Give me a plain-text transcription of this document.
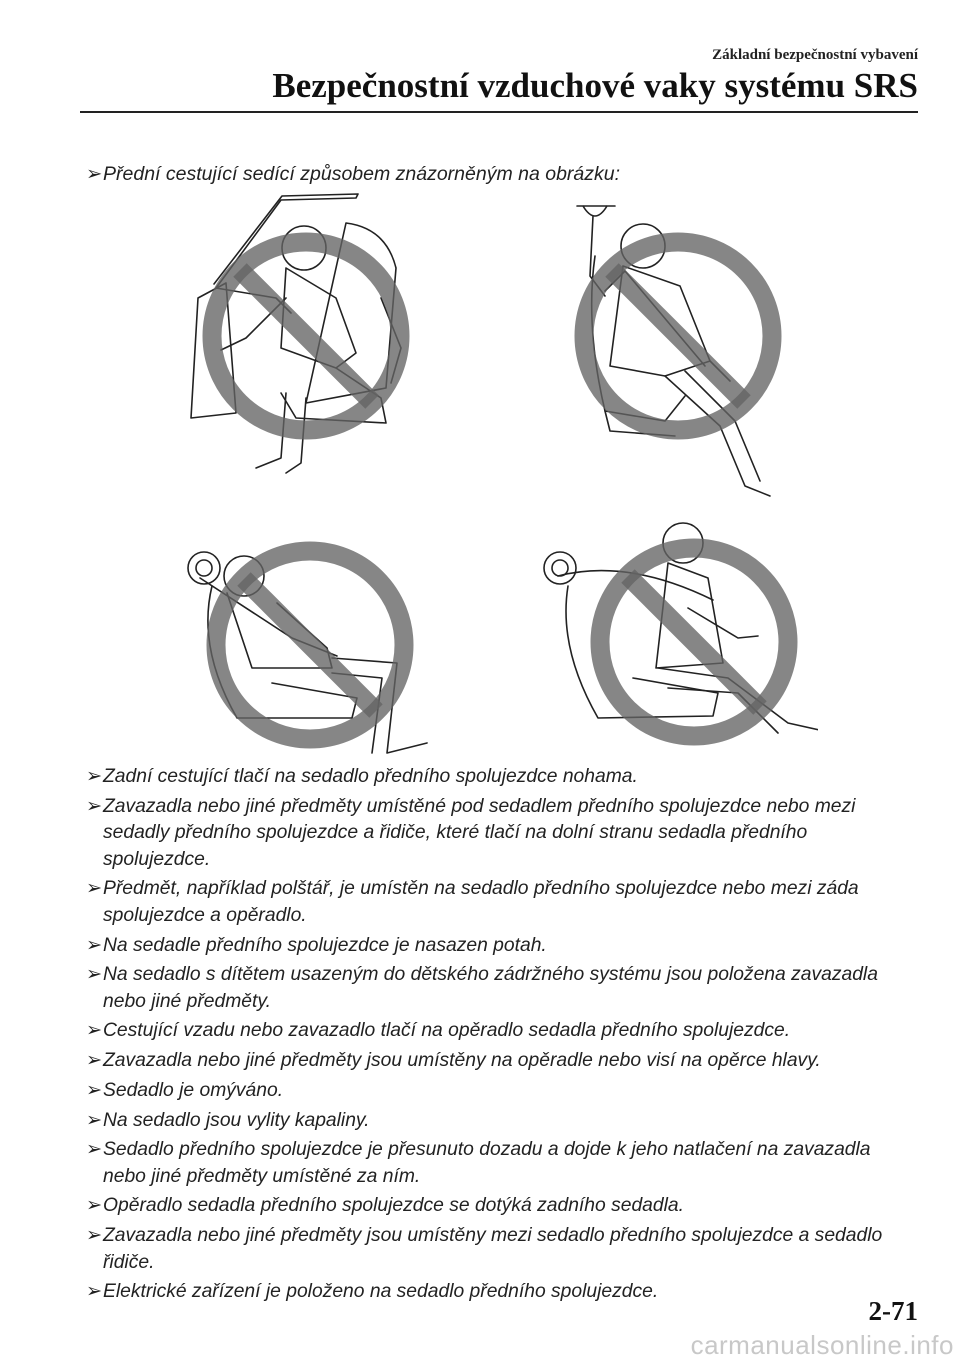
Základní bezpečnostní vybavení
Bezpečnostní vzduchové vaky systému SRS
➢Přední cestující sedící způsobem znázorněným na obrázku:
➢ Zadní cestující tlačí na sedadlo předního spolujezdce nohama.
➢ Zavazadla nebo jiné předměty umístěné pod sedadlem předního spolujezdce nebo mezi sedadly předního spolujezdce a řidiče, které tlačí na dolní stranu sedadla předního spolujezdce.
➢ Předmět, například polštář, je umístěn na sedadlo předního spolujezdce nebo mezi záda spolujezdce a opěradlo.
➢ Na sedadle předního spolujezdce je nasazen potah.
➢ Na sedadlo s dítětem usazeným do dětského zádržného systému jsou položena zavazadla nebo jiné předměty.
➢ Cestující vzadu nebo zavazadlo tlačí na opěradlo sedadla předního spolujezdce.
➢ Zavazadla nebo jiné předměty jsou umístěny na opěradle nebo visí na opěrce hlavy.
➢ Sedadlo je omýváno.
➢ Na sedadlo jsou vylity kapaliny.
➢ Sedadlo předního spolujezdce je přesunuto dozadu a dojde k jeho natlačení na zavazadla nebo jiné předměty umístěné za ním.
➢ Opěradlo sedadla předního spolujezdce se dotýká zadního sedadla.
➢ Zavazadla nebo jiné předměty jsou umístěny mezi sedadlo předního spolujezdce a sedadlo řidiče.
➢ Elektrické zařízení je položeno na sedadlo předního spolujezdce.
2-71
carmanualsonline.info
